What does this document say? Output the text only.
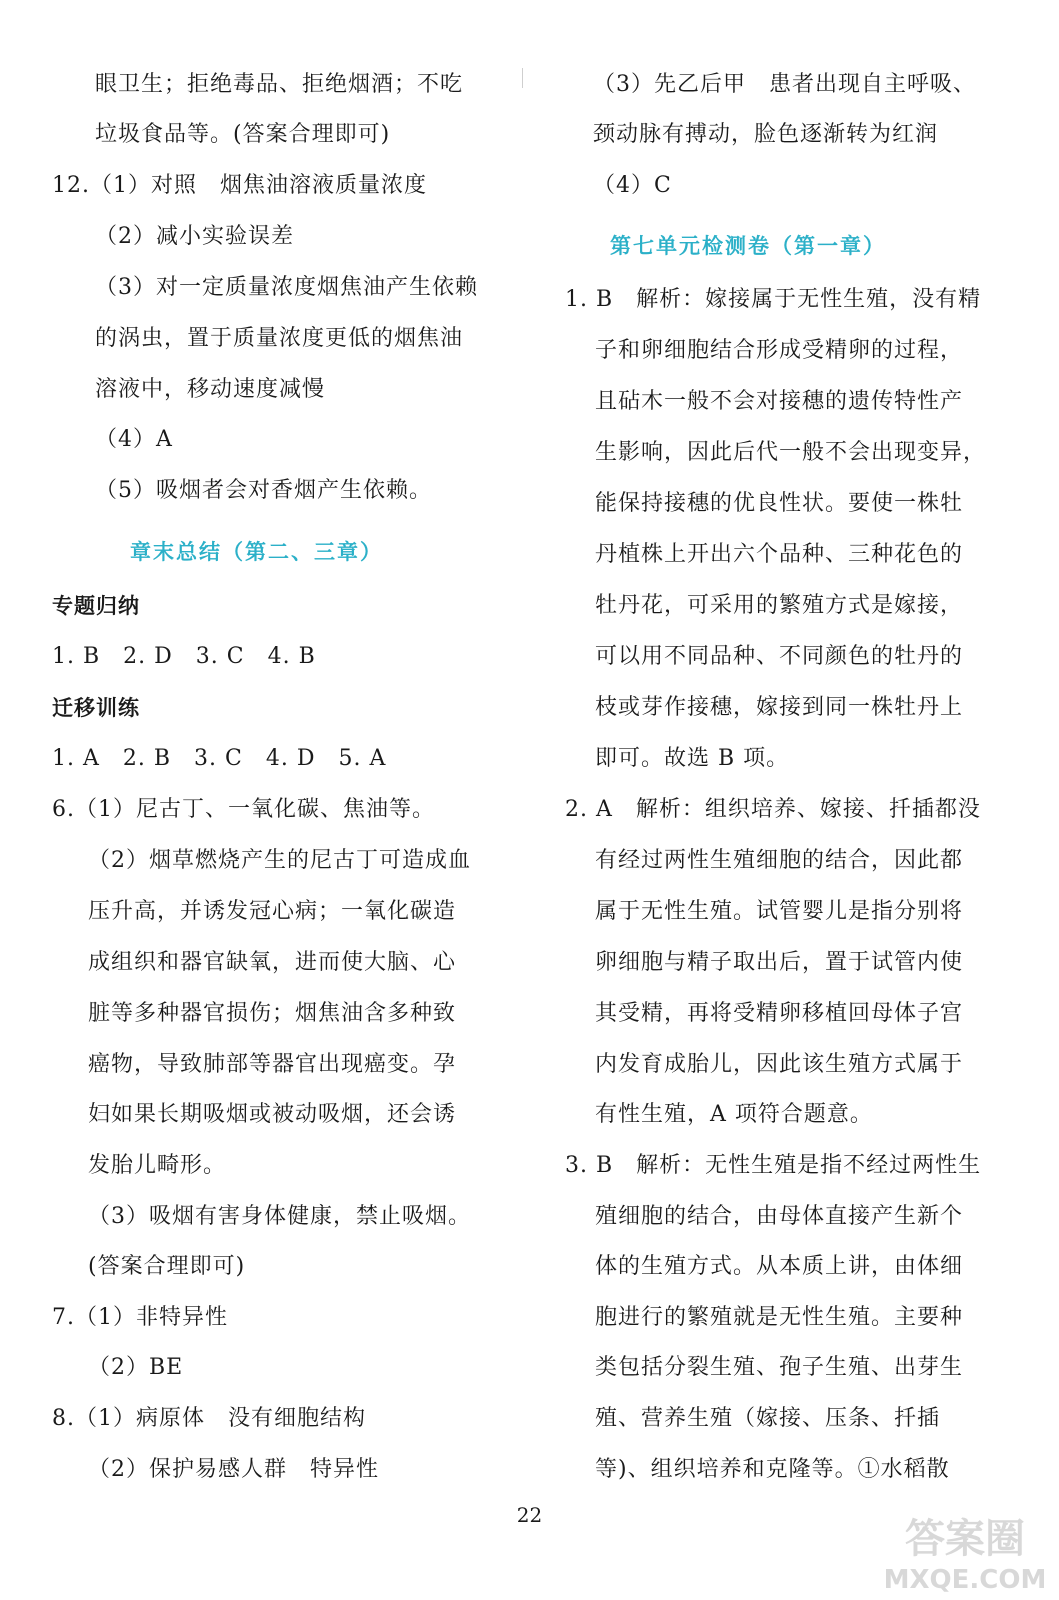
眼卫生；拒绝毒品、拒绝烟酒；不吃
垃圾食品等。(答案合理即可)
12.（1）对照　烟焦油溶液质量浓度
（2）减小实验误差
（3）对一定质量浓度烟焦油产生依赖
的涡虫，置于质量浓度更低的烟焦油
溶液中，移动速度减慢
（4）A
（5）吸烟者会对香烟产生依赖。
章末总结（第二、三章）
专题归纳
1. B　2. D　3. C　4. B
迁移训练
1. A　2. B　3. C　4. D　5. A
6.（1）尼古丁、一氧化碳、焦油等。
（2）烟草燃烧产生的尼古丁可造成血
压升高，并诱发冠心病；一氧化碳造
成组织和器官缺氧，进而使大脑、心
脏等多种器官损伤；烟焦油含多种致
癌物，导致肺部等器官出现癌变。孕
妇如果长期吸烟或被动吸烟，还会诱
发胎儿畸形。
（3）吸烟有害身体健康，禁止吸烟。
(答案合理即可)
7.（1）非特异性
（2）BE
8.（1）病原体　没有细胞结构
（2）保护易感人群　特异性
（3）先乙后甲　患者出现自主呼吸、
颈动脉有搏动，脸色逐渐转为红润
（4）C
第七单元检测卷（第一章）
1. B　解析：嫁接属于无性生殖，没有精
子和卵细胞结合形成受精卵的过程，
且砧木一般不会对接穗的遗传特性产
生影响，因此后代一般不会出现变异，
能保持接穗的优良性状。要使一株牡
丹植株上开出六个品种、三种花色的
牡丹花，可采用的繁殖方式是嫁接，
可以用不同品种、不同颜色的牡丹的
枝或芽作接穗，嫁接到同一株牡丹上
即可。故选 B 项。
2. A　解析：组织培养、嫁接、扦插都没
有经过两性生殖细胞的结合，因此都
属于无性生殖。试管婴儿是指分别将
卵细胞与精子取出后，置于试管内使
其受精，再将受精卵移植回母体子宫
内发育成胎儿，因此该生殖方式属于
有性生殖，A 项符合题意。
3. B　解析：无性生殖是指不经过两性生
殖细胞的结合，由母体直接产生新个
体的生殖方式。从本质上讲，由体细
胞进行的繁殖就是无性生殖。主要种
类包括分裂生殖、孢子生殖、出芽生
殖、营养生殖（嫁接、压条、扦插
等)、组织培养和克隆等。①水稻散
22
答案圈
MXQE.COM
